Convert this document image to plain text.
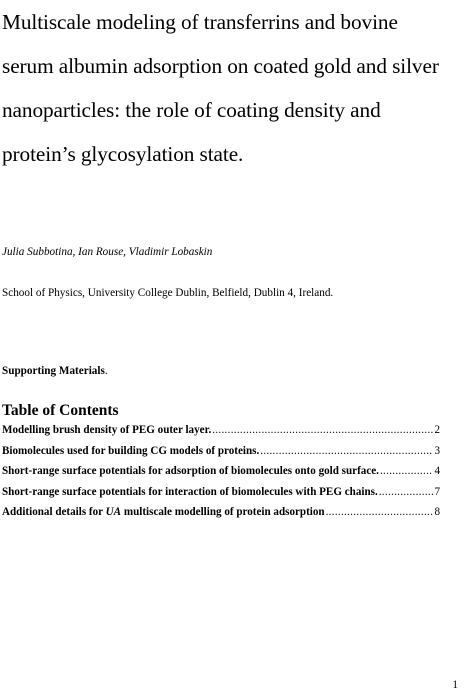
Multiscale modeling of transferrins and bovine
serum albumin adsorption on coated gold and silver
nanoparticles: the role of coating density and
protein’s glycosylation state.
Julia Subbotina, Ian Rouse, Vladimir Lobaskin
School of Physics, University College Dublin, Belfield, Dublin 4, Ireland.
Supporting Materials.
Table of Contents
Modelling brush density of PEG outer layer. .....	2
Biomolecules used for building CG models of proteins. .....	3
Short-range surface potentials for adsorption of biomolecules onto gold surface. .....	4
Short-range surface potentials for interaction of biomolecules with PEG chains. .....	7
Additional details for UA multiscale modelling of protein adsorption .....	8
1
